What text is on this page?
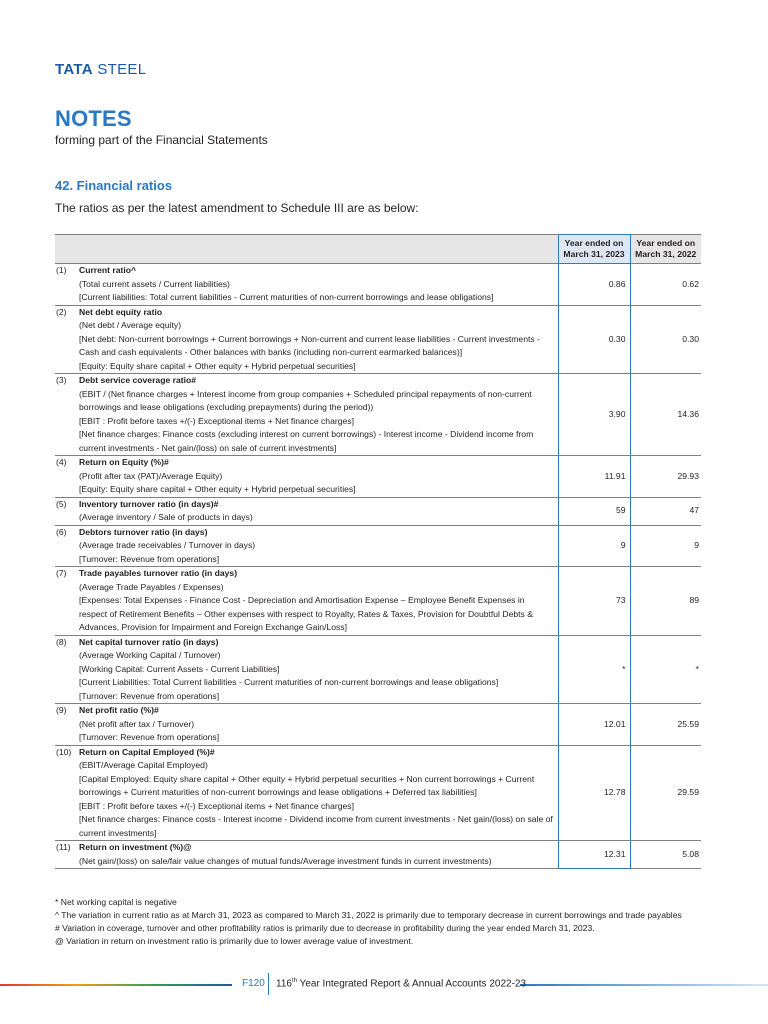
TATA STEEL
NOTES
forming part of the Financial Statements
42. Financial ratios
The ratios as per the latest amendment to Schedule III are as below:
		Year ended on
March 31, 2023	Year ended on
March 31, 2022
(1)	Current ratio^
(Total current assets / Current liabilities)
[Current liabilities: Total current liabilities - Current maturities of non-current borrowings and lease obligations]	0.86	0.62
(2)	Net debt equity ratio
(Net debt / Average equity)
[Net debt: Non-current borrowings + Current borrowings + Non-current and current lease liabilities - Current investments - Cash and cash equivalents - Other balances with banks (including non-current earmarked balances)]
[Equity: Equity share capital + Other equity + Hybrid perpetual securities]	0.30	0.30
(3)	Debt service coverage ratio#
(EBIT / (Net finance charges + Interest income from group companies + Scheduled principal repayments of non-current borrowings and lease obligations (excluding prepayments) during the period))
[EBIT : Profit before taxes +/(-) Exceptional items + Net finance charges]
[Net finance charges: Finance costs (excluding interest on current borrowings) - Interest income - Dividend income from current investments - Net gain/(loss) on sale of current investments]	3.90	14.36
(4)	Return on Equity (%)#
(Profit after tax (PAT)/Average Equity)
[Equity: Equity share capital + Other equity + Hybrid perpetual securities]	11.91	29.93
(5)	Inventory turnover ratio (in days)#
(Average inventory / Sale of products in days)	59	47
(6)	Debtors turnover ratio (in days)
(Average trade receivables / Turnover in days)
[Turnover: Revenue from operations]	9	9
(7)	Trade payables turnover ratio (in days)
(Average Trade Payables / Expenses)
[Expenses: Total Expenses - Finance Cost - Depreciation and Amortisation Expense – Employee Benefit Expenses in respect of Retirement Benefits – Other expenses with respect to Royalty, Rates & Taxes, Provision for Doubtful Debts & Advances, Provision for Impairment and Foreign Exchange Gain/Loss]	73	89
(8)	Net capital turnover ratio (in days)
(Average Working Capital / Turnover)
[Working Capital: Current Assets - Current Liabilities]
[Current Liabilities: Total Current liabilities - Current maturities of non-current borrowings and lease obligations]
[Turnover: Revenue from operations]	*	*
(9)	Net profit ratio (%)#
(Net profit after tax / Turnover)
[Turnover: Revenue from operations]	12.01	25.59
(10)	Return on Capital Employed (%)#
(EBIT/Average Capital Employed)
[Capital Employed: Equity share capital + Other equity + Hybrid perpetual securities + Non current borrowings + Current borrowings + Current maturities of non-current borrowings and lease obligations + Deferred tax liabilities]
[EBIT : Profit before taxes +/(-) Exceptional items + Net finance charges]
[Net finance charges: Finance costs - Interest income - Dividend income from current investments - Net gain/(loss) on sale of current investments]	12.78	29.59
(11)	Return on investment (%)@
(Net gain/(loss) on sale/fair value changes of mutual funds/Average investment funds in current investments)	12.31	5.08
* Net working capital is negative
^ The variation in current ratio as at March 31, 2023 as compared to March 31, 2022 is primarily due to temporary decrease in current borrowings and trade payables
# Variation in coverage, turnover and other profitability ratios is primarily due to decrease in profitability during the year ended March 31, 2023.
@ Variation in return on investment ratio is primarily due to lower average value of investment.
F120 116th Year Integrated Report & Annual Accounts 2022-23
